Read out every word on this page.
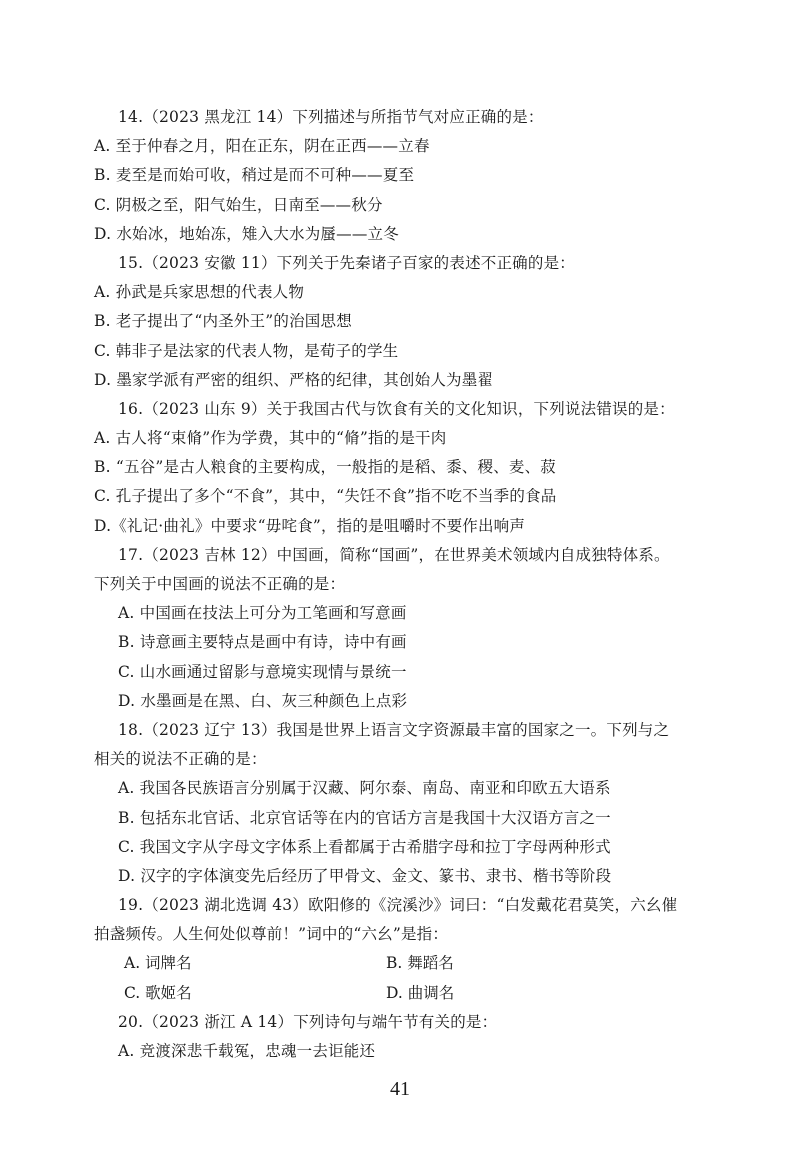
14.（2023 黑龙江 14）下列描述与所指节气对应正确的是：
A. 至于仲春之月，阳在正东，阴在正西——立春
B. 麦至是而始可收，稍过是而不可种——夏至
C. 阴极之至，阳气始生，日南至——秋分
D. 水始冰，地始冻，雉入大水为蜃——立冬
15.（2023 安徽 11）下列关于先秦诸子百家的表述不正确的是：
A. 孙武是兵家思想的代表人物
B. 老子提出了“内圣外王”的治国思想
C. 韩非子是法家的代表人物，是荀子的学生
D. 墨家学派有严密的组织、严格的纪律，其创始人为墨翟
16.（2023 山东 9）关于我国古代与饮食有关的文化知识，下列说法错误的是：
A. 古人将“束脩”作为学费，其中的“脩”指的是干肉
B. “五谷”是古人粮食的主要构成，一般指的是稻、黍、稷、麦、菽
C. 孔子提出了多个“不食”，其中，“失饪不食”指不吃不当季的食品
D.《礼记·曲礼》中要求“毋咤食”，指的是咀嚼时不要作出响声
17.（2023 吉林 12）中国画，简称“国画”，在世界美术领域内自成独特体系。
下列关于中国画的说法不正确的是：
A. 中国画在技法上可分为工笔画和写意画
B. 诗意画主要特点是画中有诗，诗中有画
C. 山水画通过留影与意境实现情与景统一
D. 水墨画是在黑、白、灰三种颜色上点彩
18.（2023 辽宁 13）我国是世界上语言文字资源最丰富的国家之一。下列与之
相关的说法不正确的是：
A. 我国各民族语言分别属于汉藏、阿尔泰、南岛、南亚和印欧五大语系
B. 包括东北官话、北京官话等在内的官话方言是我国十大汉语方言之一
C. 我国文字从字母文字体系上看都属于古希腊字母和拉丁字母两种形式
D. 汉字的字体演变先后经历了甲骨文、金文、篆书、隶书、楷书等阶段
19.（2023 湖北选调 43）欧阳修的《浣溪沙》词曰：“白发戴花君莫笑，六幺催
拍盏频传。人生何处似尊前！”词中的“六幺”是指：
A. 词牌名	B. 舞蹈名
C. 歌姬名	D. 曲调名
20.（2023 浙江 A 14）下列诗句与端午节有关的是：
A. 竞渡深悲千载冤，忠魂一去讵能还
41
